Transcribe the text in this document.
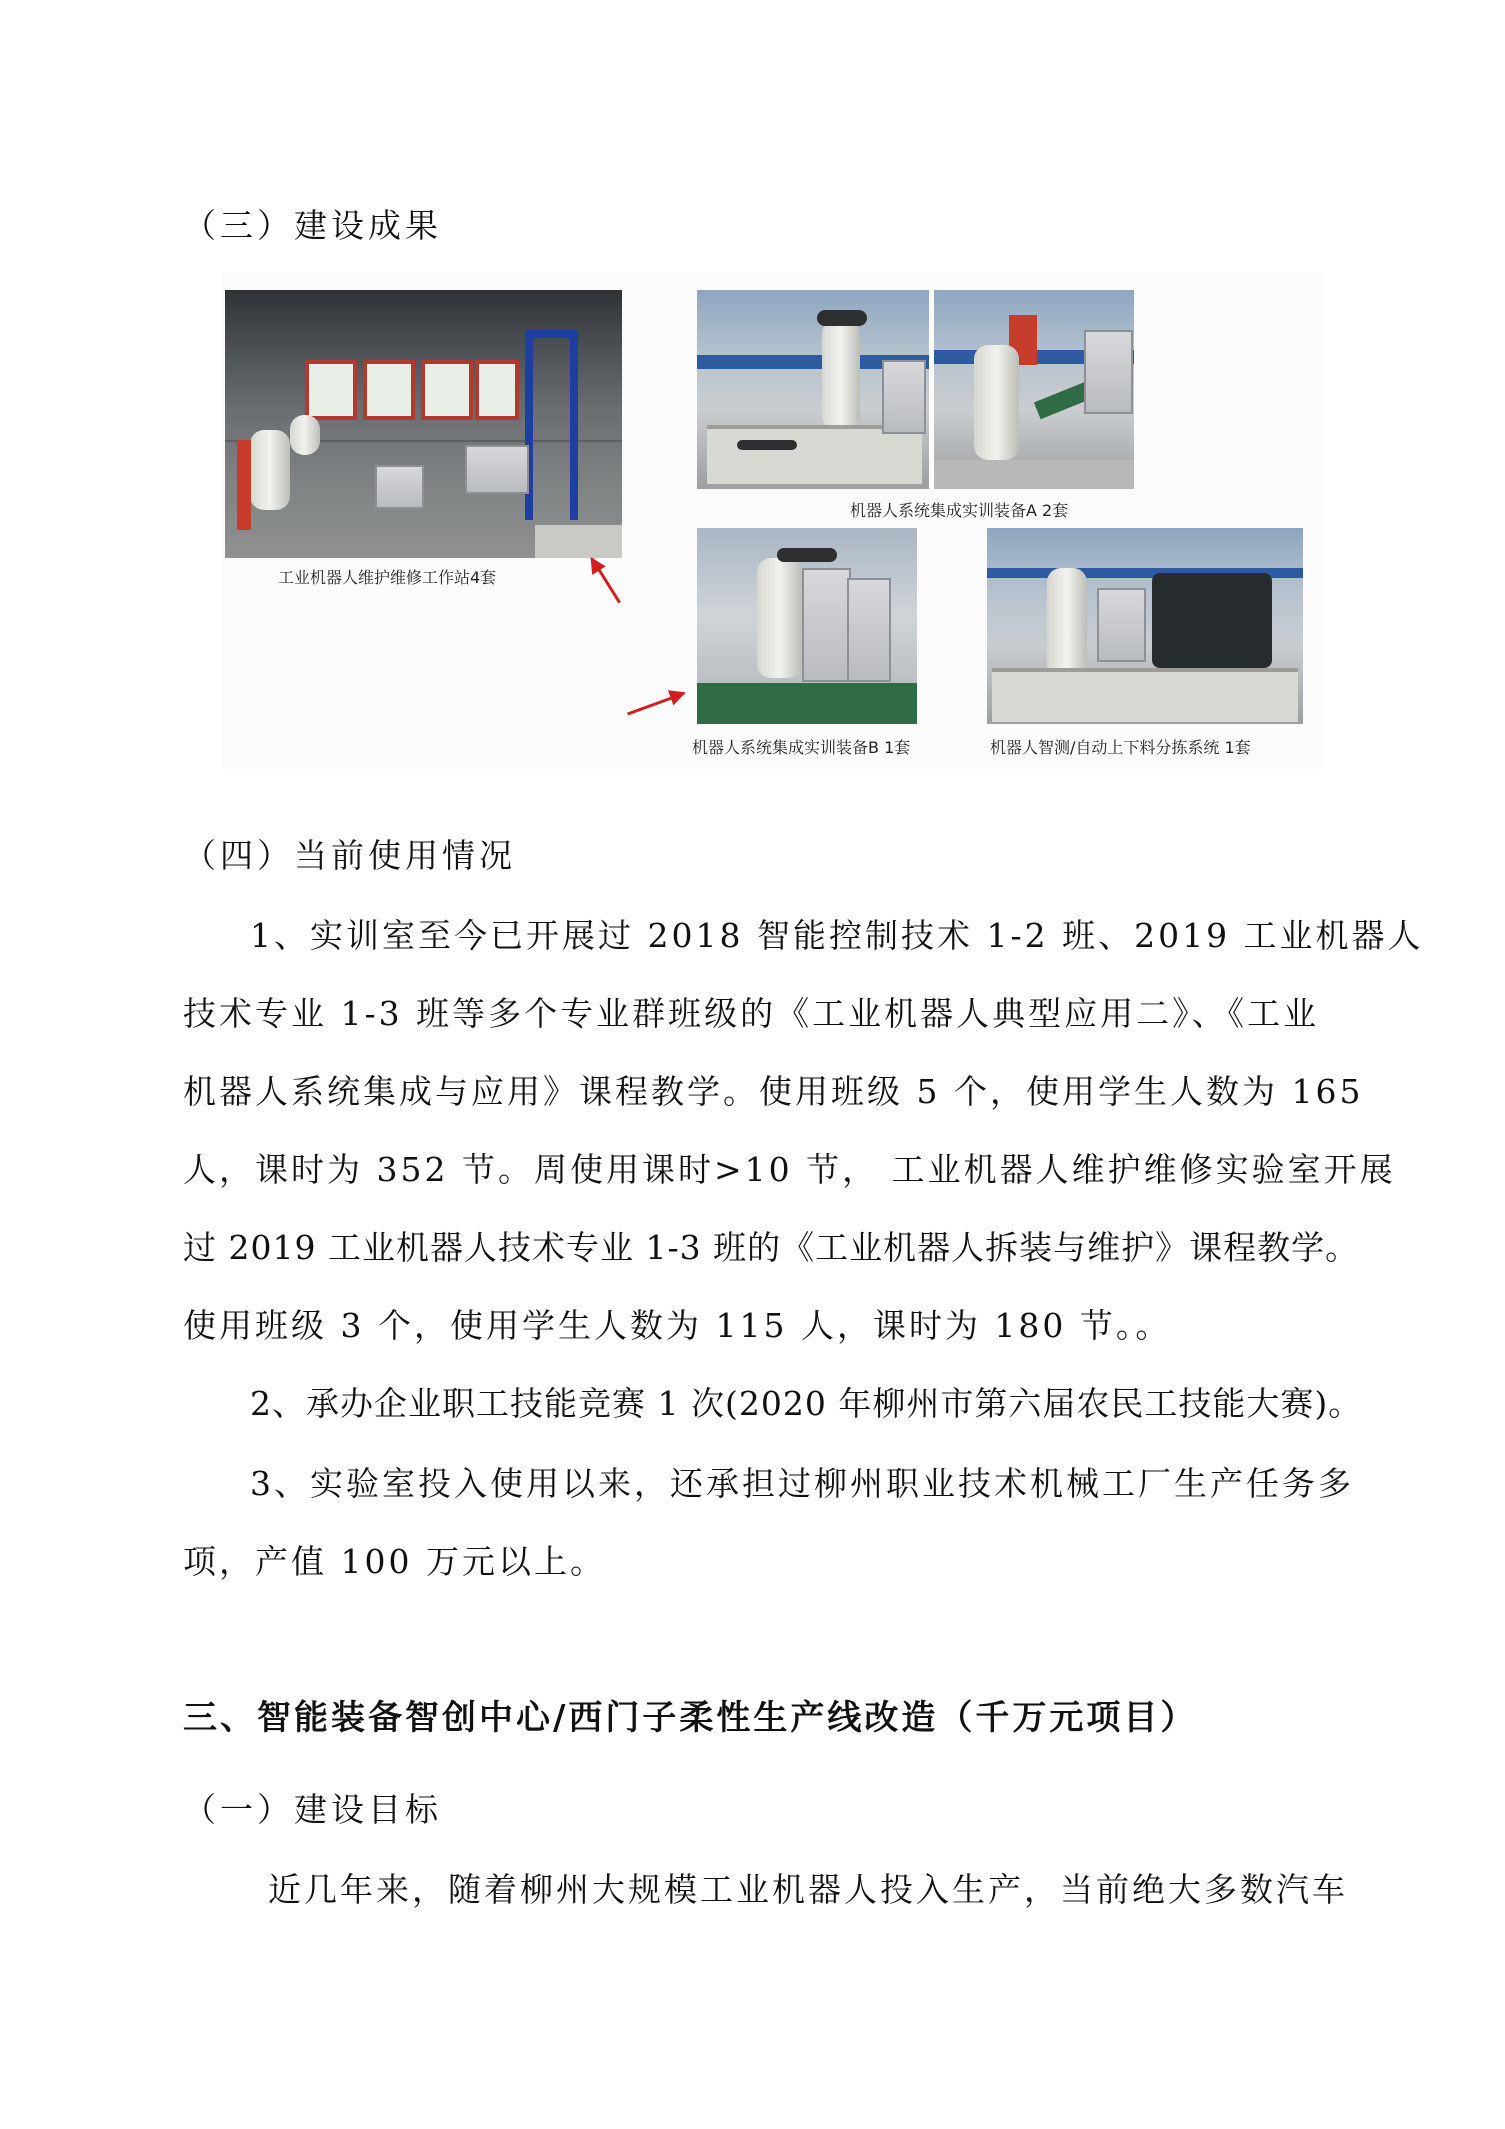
（三）建设成果
工业机器人维护维修工作站4套
机器人系统集成实训装备A 2套
机器人系统集成实训装备B 1套	机器人智测/自动上下料分拣系统 1套
（四）当前使用情况
1、实训室至今已开展过 2018 智能控制技术 1-2 班、2019 工业机器人
技术专业 1-3 班等多个专业群班级的《工业机器人典型应用二》、《工业
机器人系统集成与应用》课程教学。使用班级 5 个，使用学生人数为 165
人，课时为 352 节。周使用课时>10 节， 工业机器人维护维修实验室开展
过 2019 工业机器人技术专业 1-3 班的《工业机器人拆装与维护》课程教学。
使用班级 3 个，使用学生人数为 115 人，课时为 180 节。。
2、承办企业职工技能竞赛 1 次(2020 年柳州市第六届农民工技能大赛)。
3、实验室投入使用以来，还承担过柳州职业技术机械工厂生产任务多
项，产值 100 万元以上。
三、智能装备智创中心/西门子柔性生产线改造（千万元项目）
（一）建设目标
近几年来，随着柳州大规模工业机器人投入生产，当前绝大多数汽车
